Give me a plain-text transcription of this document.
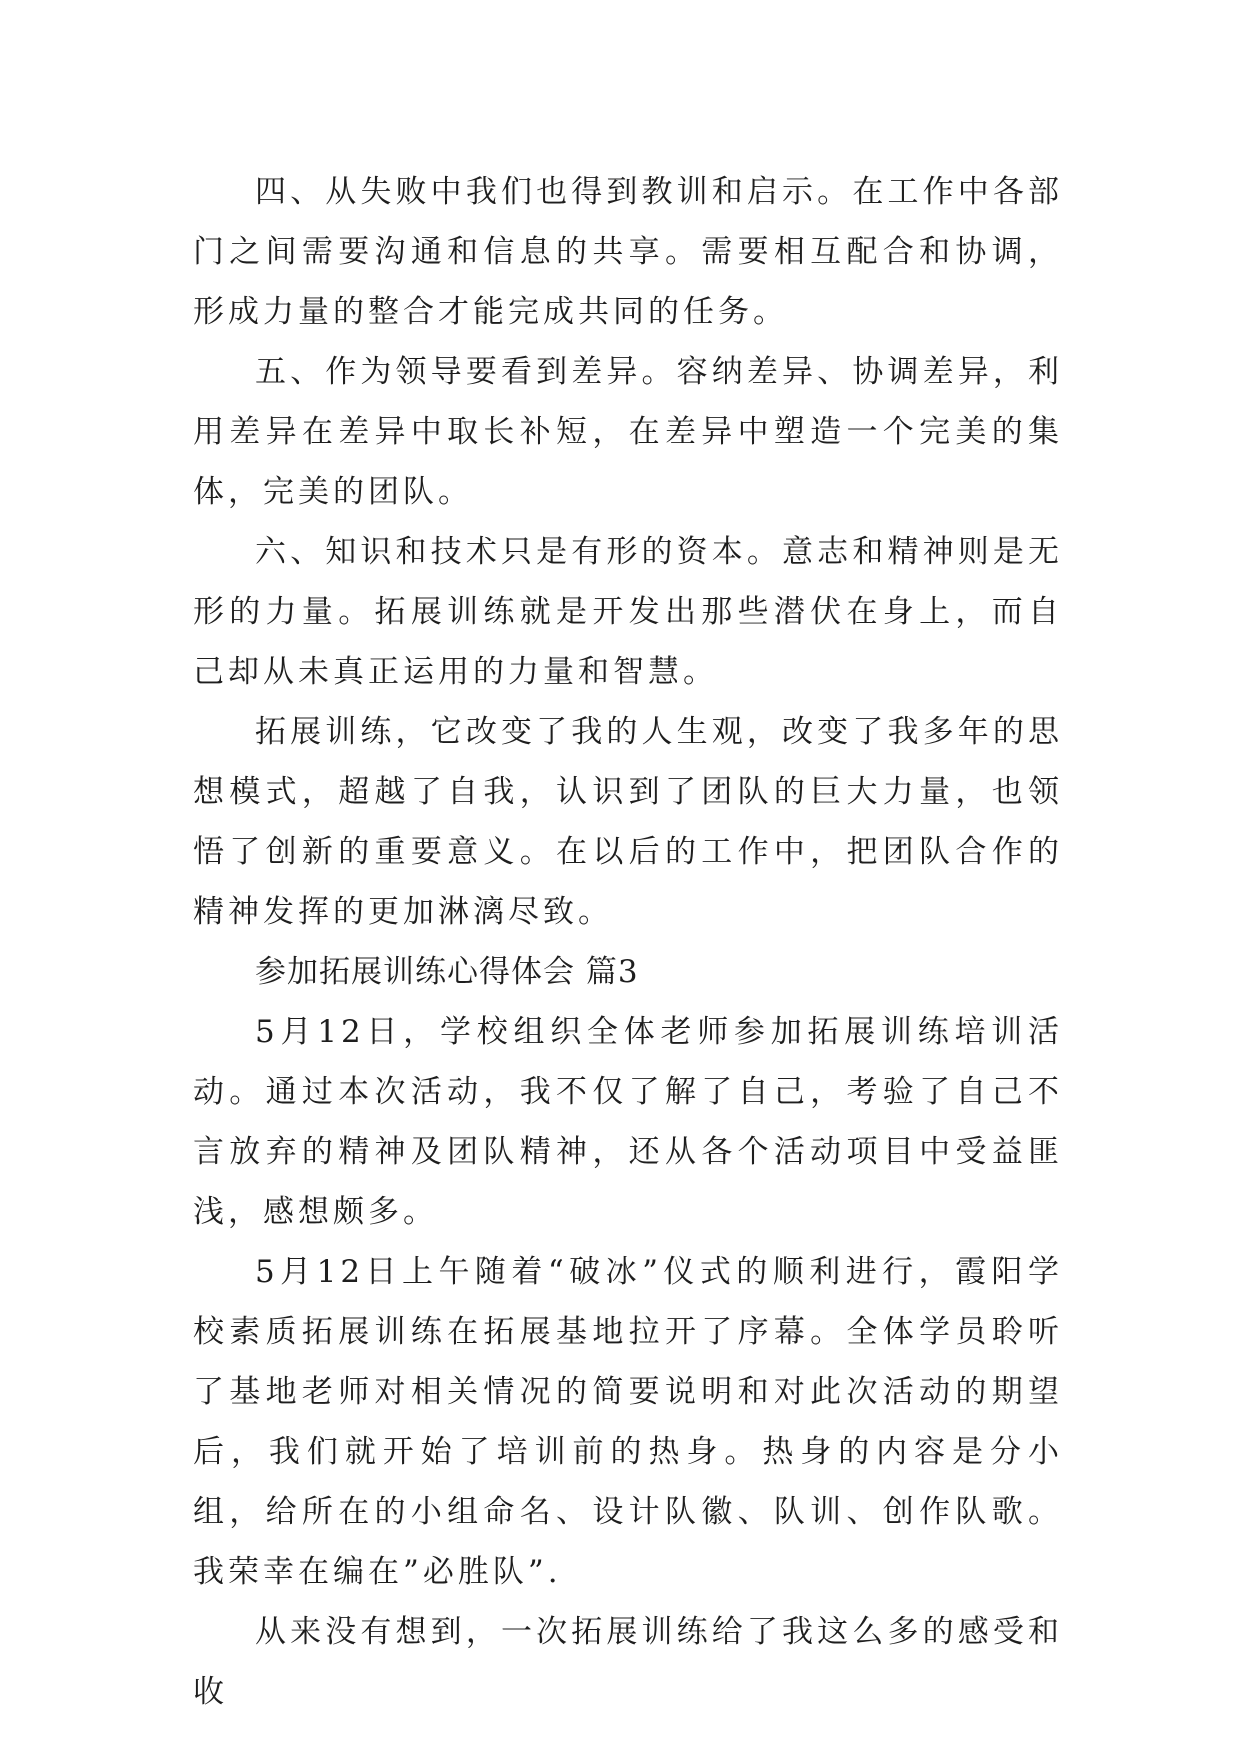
四、从失败中我们也得到教训和启示。在工作中各部门之间需要沟通和信息的共享。需要相互配合和协调，形成力量的整合才能完成共同的任务。

五、作为领导要看到差异。容纳差异、协调差异，利用差异在差异中取长补短，在差异中塑造一个完美的集体，完美的团队。

六、知识和技术只是有形的资本。意志和精神则是无形的力量。拓展训练就是开发出那些潜伏在身上，而自己却从未真正运用的力量和智慧。

拓展训练，它改变了我的人生观，改变了我多年的思想模式，超越了自我，认识到了团队的巨大力量，也领悟了创新的重要意义。在以后的工作中，把团队合作的精神发挥的更加淋漓尽致。

参加拓展训练心得体会 篇3

5月12日，学校组织全体老师参加拓展训练培训活动。通过本次活动，我不仅了解了自己，考验了自己不言放弃的精神及团队精神，还从各个活动项目中受益匪浅，感想颇多。

5月12日上午随着“破冰”仪式的顺利进行，霞阳学校素质拓展训练在拓展基地拉开了序幕。全体学员聆听了基地老师对相关情况的简要说明和对此次活动的期望后，我们就开始了培训前的热身。热身的内容是分小组，给所在的小组命名、设计队徽、队训、创作队歌。我荣幸在编在”必胜队”.

从来没有想到，一次拓展训练给了我这么多的感受和收
